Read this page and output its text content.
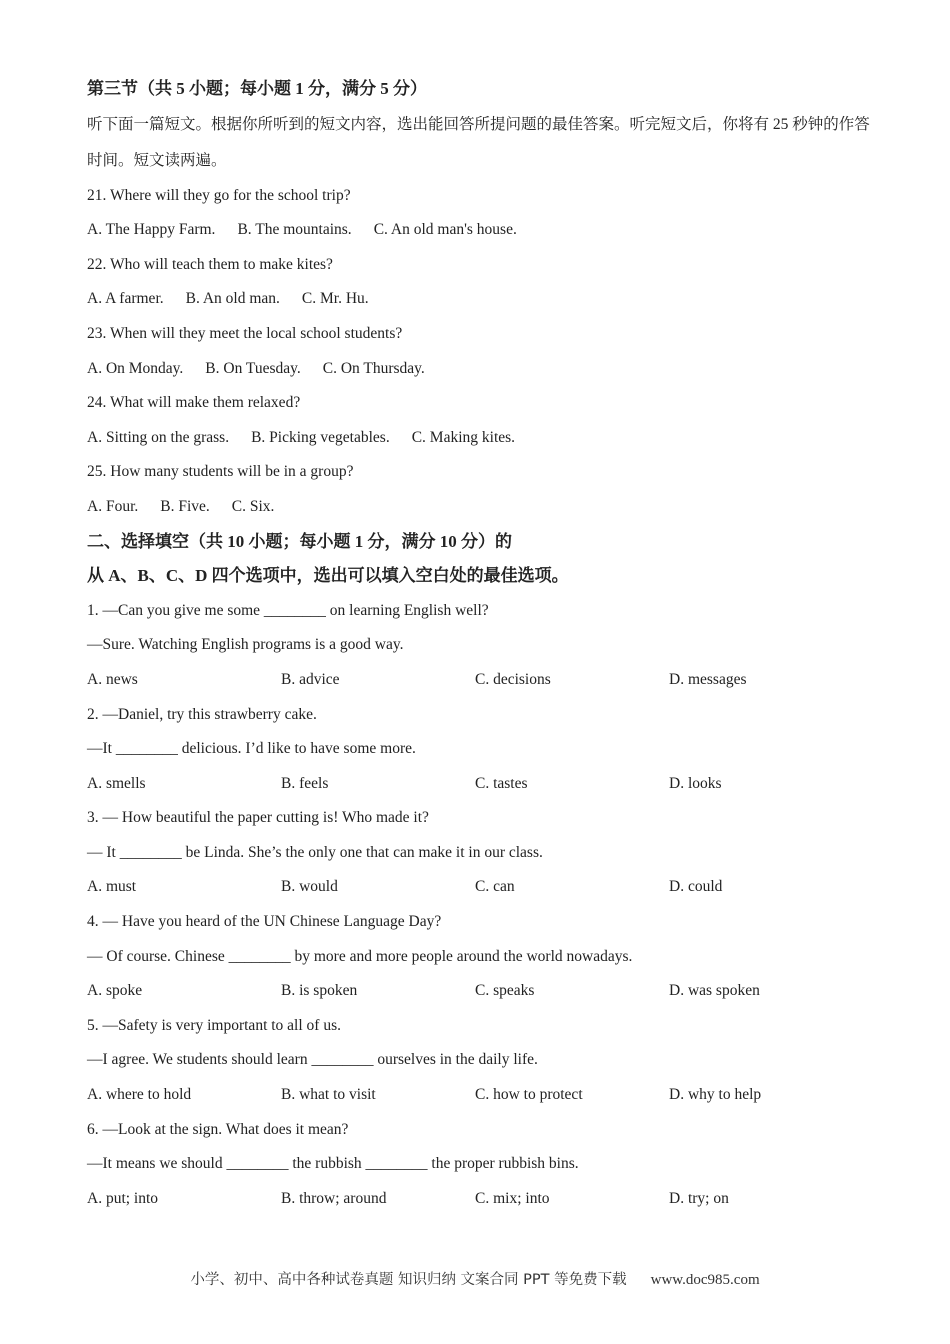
第三节（共 5 小题；每小题 1 分，满分 5 分）
听下面一篇短文。根据你所听到的短文内容，选出能回答所提问题的最佳答案。听完短文后，你将有 25 秒钟的作答时间。短文读两遍。
21. Where will they go for the school trip?
A. The Happy Farm. B. The mountains. C. An old man's house.
22. Who will teach them to make kites?
A. A farmer. B. An old man. C. Mr. Hu.
23. When will they meet the local school students?
A. On Monday. B. On Tuesday. C. On Thursday.
24. What will make them relaxed?
A. Sitting on the grass. B. Picking vegetables. C. Making kites.
25. How many students will be in a group?
A. Four. B. Five. C. Six.
二、选择填空（共 10 小题；每小题 1 分，满分 10 分）的
从 A、B、C、D 四个选项中，选出可以填入空白处的最佳选项。
1. —Can you give me some ________ on learning English well?
―Sure. Watching English programs is a good way.
A. news	B. advice	C. decisions	D. messages
2. —Daniel, try this strawberry cake.
—It ________ delicious. I’d like to have some more.
A. smells	B. feels	C. tastes	D. looks
3. — How beautiful the paper cutting is! Who made it?
— It ________ be Linda. She’s the only one that can make it in our class.
A. must	B. would	C. can	D. could
4. — Have you heard of the UN Chinese Language Day?
— Of course. Chinese ________ by more and more people around the world nowadays.
A. spoke	B. is spoken	C. speaks	D. was spoken
5. —Safety is very important to all of us.
—I agree. We students should learn ________ ourselves in the daily life.
A. where to hold	B. what to visit	C. how to protect	D. why to help
6. —Look at the sign. What does it mean?
—It means we should ________ the rubbish ________ the proper rubbish bins.
A. put; into	B. throw; around	C. mix; into	D. try; on
小学、初中、高中各种试卷真题 知识归纳 文案合同 PPT 等免费下载 www.doc985.com
